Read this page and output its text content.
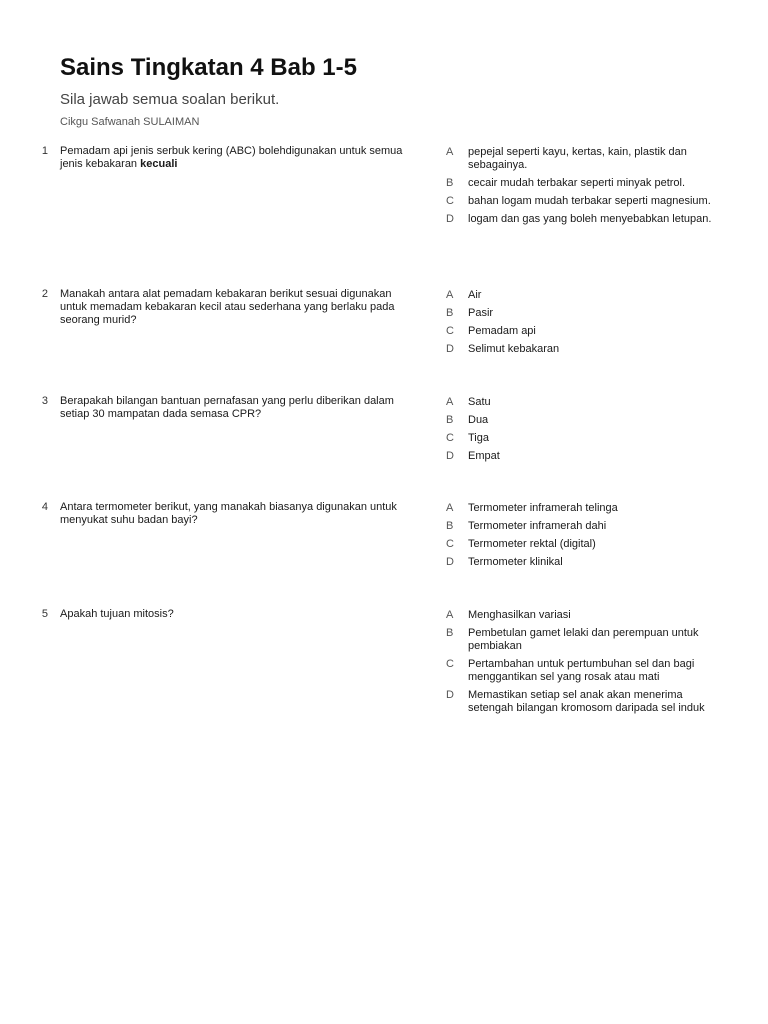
Sains Tingkatan 4 Bab 1-5
Sila jawab semua soalan berikut.
Cikgu Safwanah SULAIMAN
1 Pemadam api jenis serbuk kering (ABC) bolehdigunakan untuk semua jenis kebakaran kecuali
A	pepejal seperti kayu, kertas, kain, plastik dan sebagainya.
B	cecair mudah terbakar seperti minyak petrol.
C	bahan logam mudah terbakar seperti magnesium.
D	logam dan gas yang boleh menyebabkan letupan.
2 Manakah antara alat pemadam kebakaran berikut sesuai digunakan untuk memadam kebakaran kecil atau sederhana yang berlaku pada seorang murid?
A	Air
B	Pasir
C	Pemadam api
D	Selimut kebakaran
3 Berapakah bilangan bantuan pernafasan yang perlu diberikan dalam setiap 30 mampatan dada semasa CPR?
A	Satu
B	Dua
C	Tiga
D	Empat
4 Antara termometer berikut, yang manakah biasanya digunakan untuk menyukat suhu badan bayi?
A	Termometer inframerah telinga
B	Termometer inframerah dahi
C	Termometer rektal (digital)
D	Termometer klinikal
5 Apakah tujuan mitosis?	A	Menghasilkan variasi
B	Pembetulan gamet lelaki dan perempuan untuk pembiakan
C	Pertambahan untuk pertumbuhan sel dan bagi menggantikan sel yang rosak atau mati
D	Memastikan setiap sel anak akan menerima setengah bilangan kromosom daripada sel induk
